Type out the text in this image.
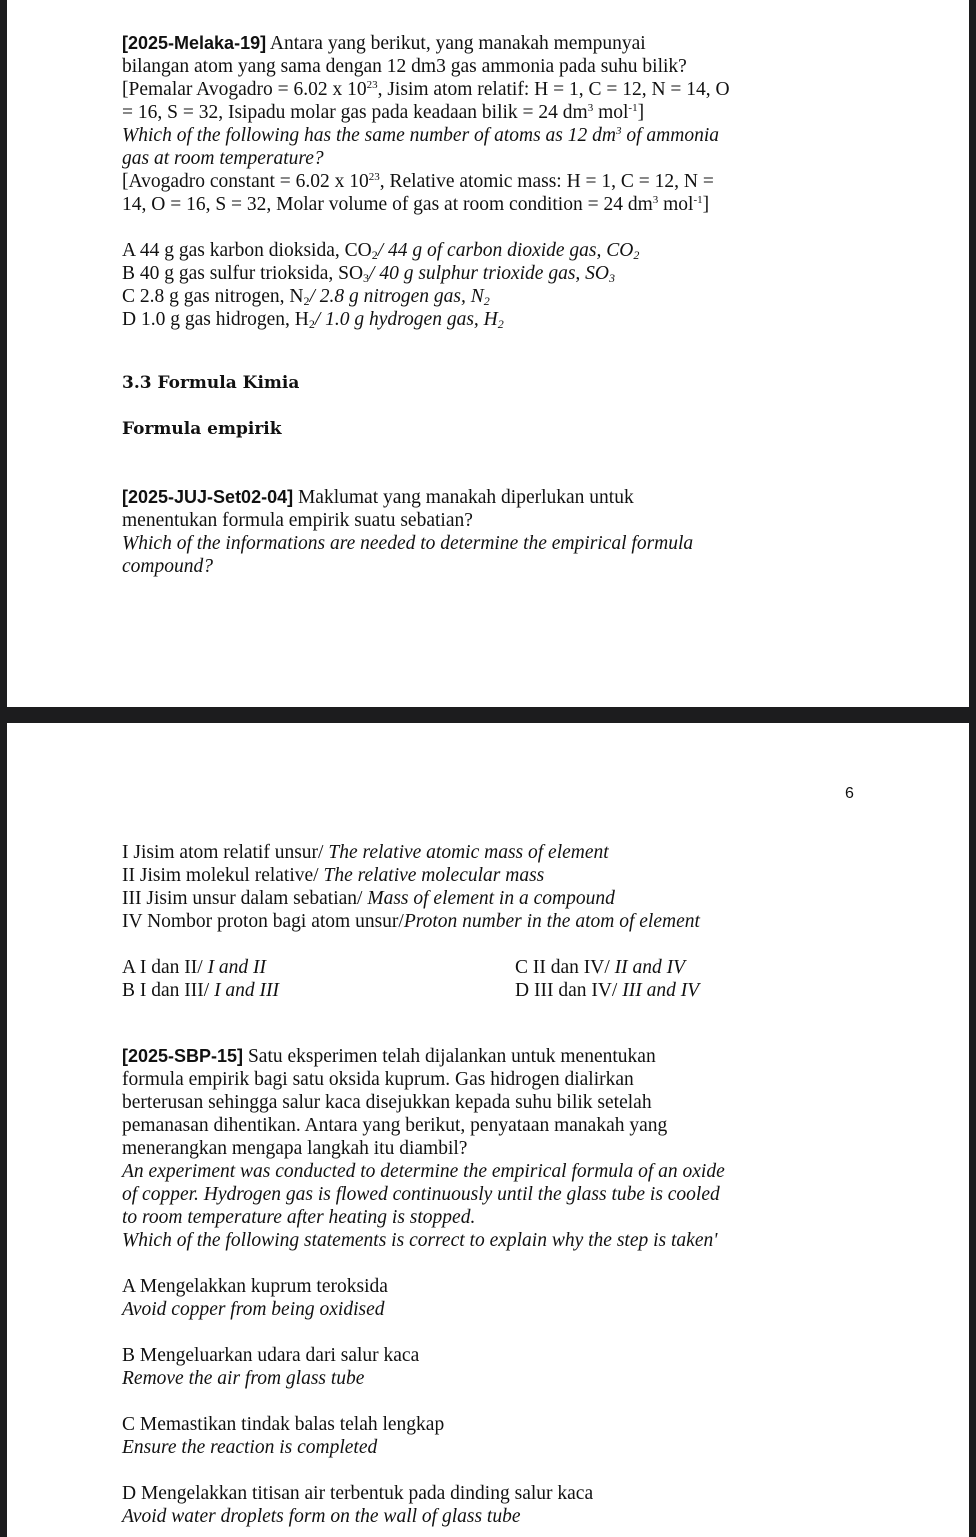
[2025-Melaka-19] Antara yang berikut, yang manakah mempunyai
bilangan atom yang sama dengan 12 dm3 gas ammonia pada suhu bilik?
[Pemalar Avogadro = 6.02 x $10^{23}$, Jisim atom relatif: H = 1, C = 12, N = 14, O
= 16, S = 32, Isipadu molar gas pada keadaan bilik = 24 $dm^3$ mol$^{-1}$]
Which of the following has the same number of atoms as 12 $dm^3$ of ammonia
gas at room temperature?
[Avogadro constant = 6.02 x $10^{23}$, Relative atomic mass: H = 1, C = 12, N =
14, O = 16, S = 32, Molar volume of gas at room condition = 24 $dm^3$ mol$^{-1}$]
A 44 g gas karbon dioksida, $CO_2/$ 44 g of carbon dioxide gas, $CO_2$
B 40 g gas sulfur trioksida, $SO_3/$ 40 g sulphur trioxide gas, $SO_3$
C 2.8 g gas nitrogen, $N_2/$ 2.8 g nitrogen gas, $N_2$
D 1.0 g gas hidrogen, $H_2/$ 1.0 g hydrogen gas, $H_2$
3.3 Formula Kimia
Formula empirik
[2025-JUJ-Set02-04] Maklumat yang manakah diperlukan untuk
menentukan formula empirik suatu sebatian?
Which of the informations are needed to determine the empirical formula
compound?
6
I Jisim atom relatif unsur/ The relative atomic mass of element
II Jisim molekul relative/ The relative molecular mass
III Jisim unsur dalam sebatian/ Mass of element in a compound
IV Nombor proton bagi atom unsur/Proton number in the atom of element
A I dan II/ I and II	C II dan IV/ II and IV
B I dan III/ I and III	D III dan IV/ III and IV
[2025-SBP-15] Satu eksperimen telah dijalankan untuk menentukan
formula empirik bagi satu oksida kuprum. Gas hidrogen dialirkan
berterusan sehingga salur kaca disejukkan kepada suhu bilik setelah
pemanasan dihentikan. Antara yang berikut, penyataan manakah yang
menerangkan mengapa langkah itu diambil?
An experiment was conducted to determine the empirical formula of an oxide
of copper. Hydrogen gas is flowed continuously until the glass tube is cooled
to room temperature after heating is stopped.
Which of the following statements is correct to explain why the step is taken'
A Mengelakkan kuprum teroksida
Avoid copper from being oxidised
B Mengeluarkan udara dari salur kaca
Remove the air from glass tube
C Memastikan tindak balas telah lengkap
Ensure the reaction is completed
D Mengelakkan titisan air terbentuk pada dinding salur kaca
Avoid water droplets form on the wall of glass tube
